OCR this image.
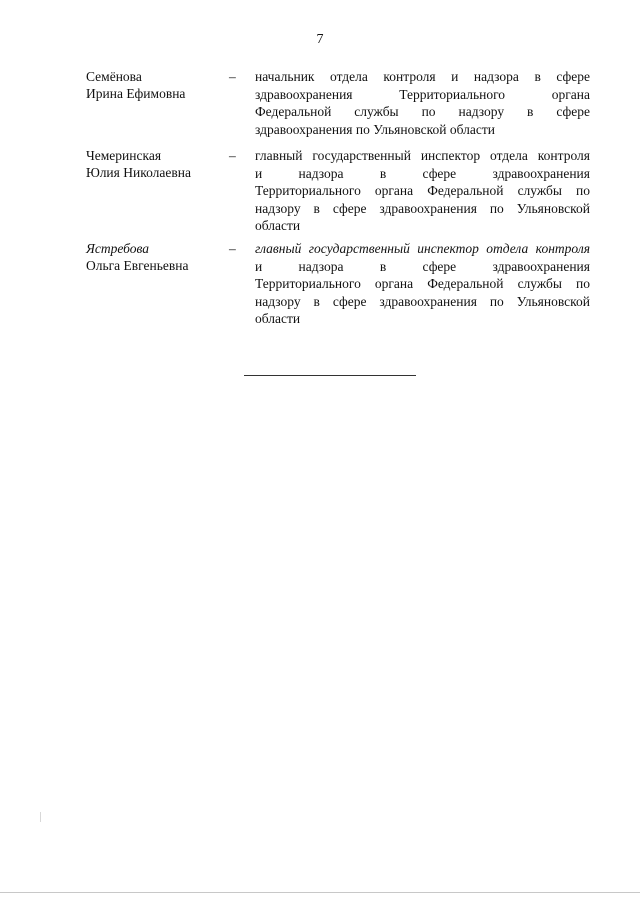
7
Семёнова
Ирина Ефимовна
–	начальник отдела контроля и надзора в сфере
здравоохранения Территориального органа
Федеральной службы по надзору в сфере
здравоохранения по Ульяновской области
Чемеринская
Юлия Николаевна
–	главный государственный инспектор отдела контроля
и надзора в сфере здравоохранения
Территориального органа Федеральной службы по
надзору в сфере здравоохранения по Ульяновской
области
Ястребова
Ольга Евгеньевна
–	главный государственный инспектор отдела контроля
и надзора в сфере здравоохранения
Территориального органа Федеральной службы по
надзору в сфере здравоохранения по Ульяновской
области
